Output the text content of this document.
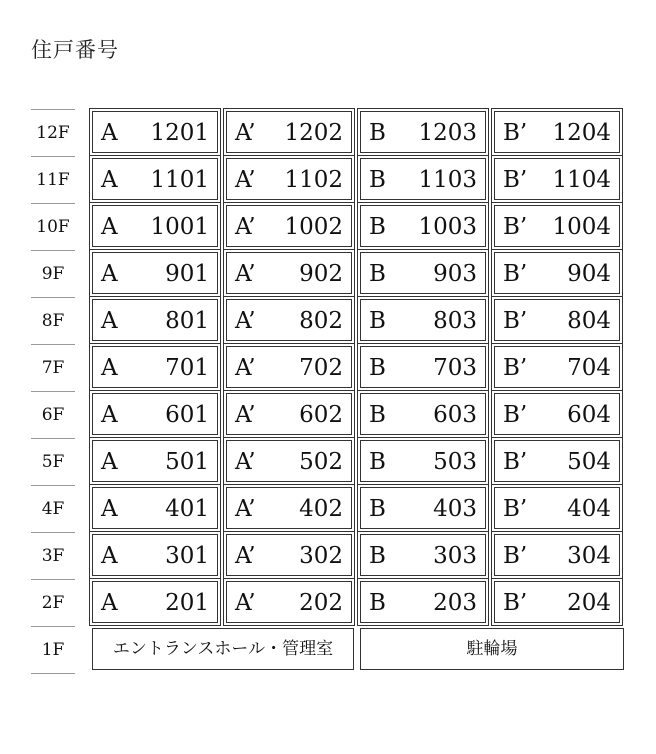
住戸番号
12F
11F
10F
9F
8F
7F
6F
5F
4F
3F
2F
1F
A 1201 A’ 1202 B 1203 B’ 1204
A 1101 A’ 1102 B 1103 B’ 1104
A 1001 A’ 1002 B 1003 B’ 1004
A 901 A’ 902 B 903 B’ 904
A 801 A’ 802 B 803 B’ 804
A 701 A’ 702 B 703 B’ 704
A 601 A’ 602 B 603 B’ 604
A 501 A’ 502 B 503 B’ 504
A 401 A’ 402 B 403 B’ 404
A 301 A’ 302 B 303 B’ 304
A 201 A’ 202 B 203 B’ 204
エントランスホール・管理室	駐輪場
